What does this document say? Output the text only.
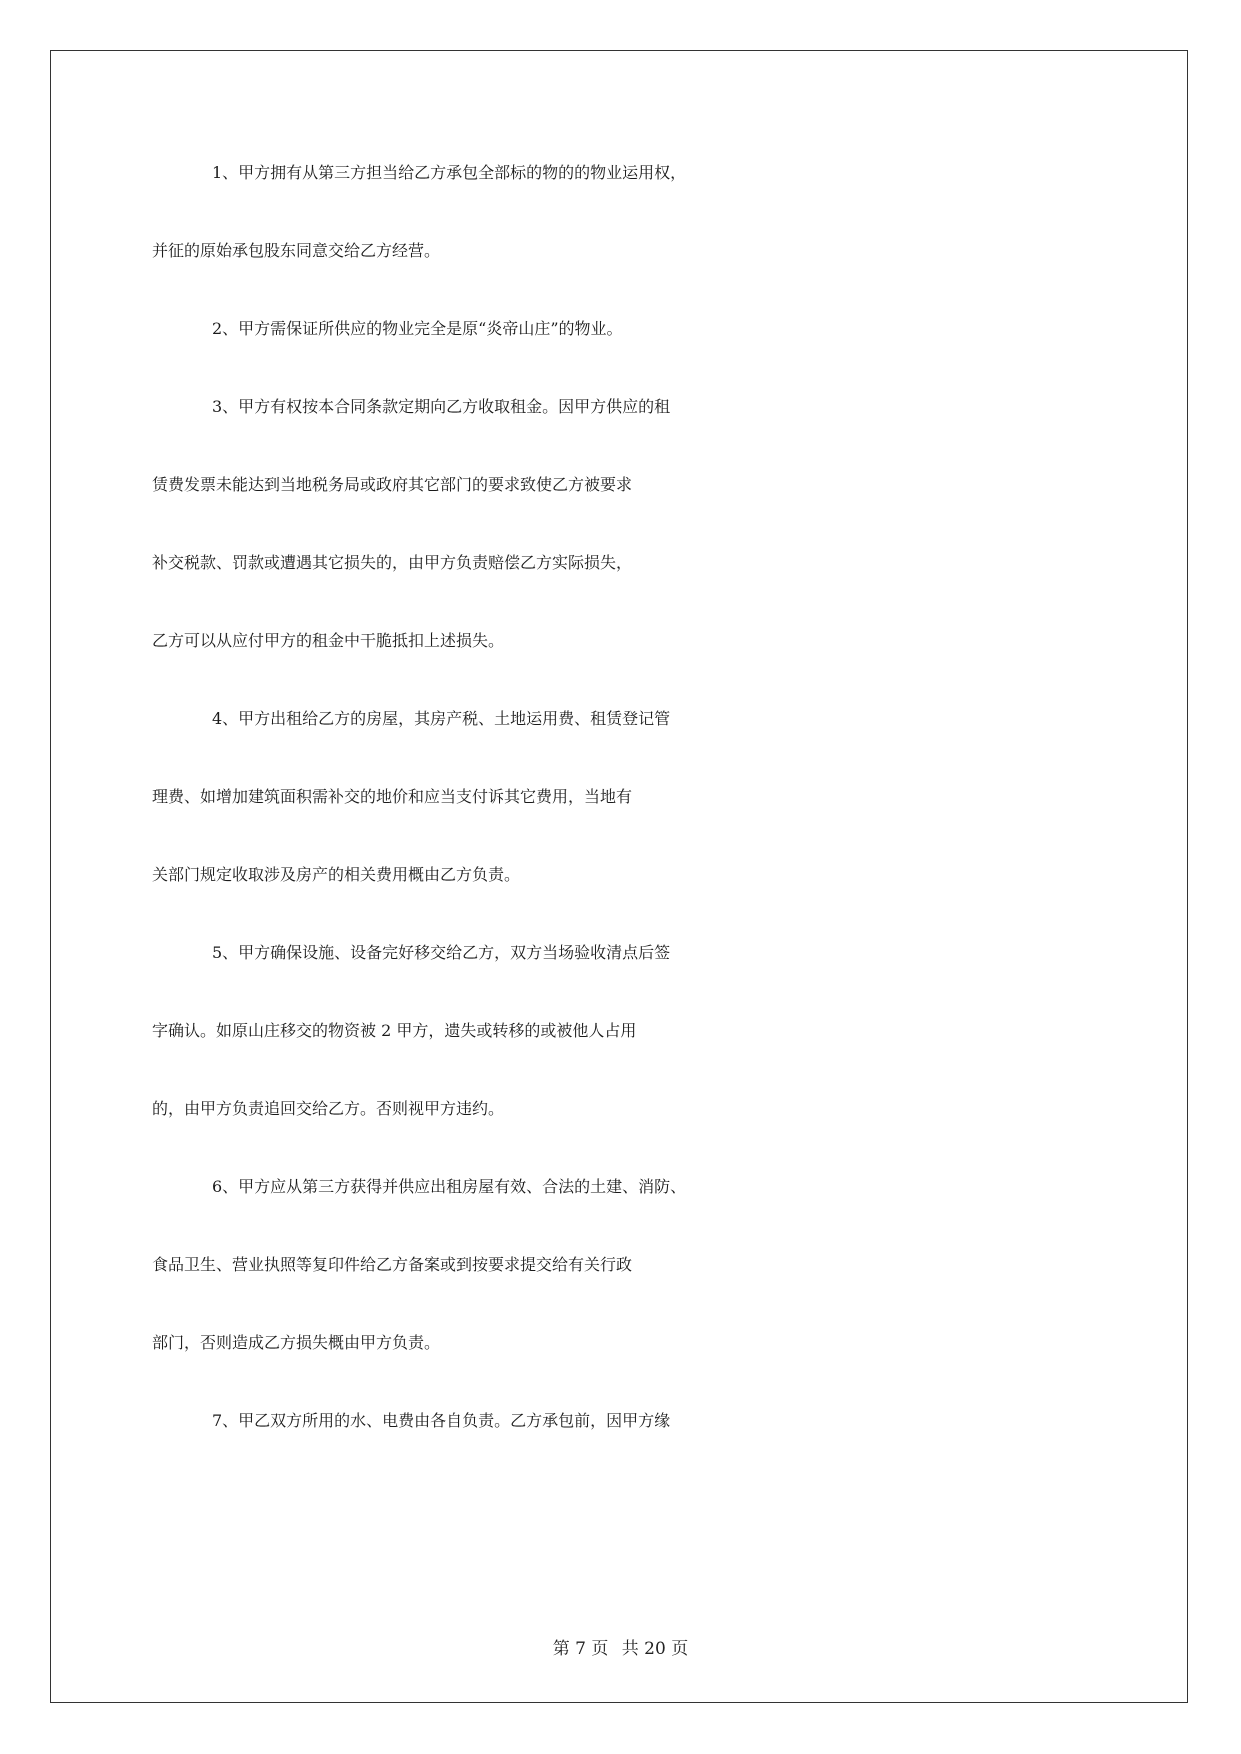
1、甲方拥有从第三方担当给乙方承包全部标的物的的物业运用权，
并征的原始承包股东同意交给乙方经营。
2、甲方需保证所供应的物业完全是原“炎帝山庄”的物业。
3、甲方有权按本合同条款定期向乙方收取租金。因甲方供应的租
赁费发票未能达到当地税务局或政府其它部门的要求致使乙方被要求
补交税款、罚款或遭遇其它损失的，由甲方负责赔偿乙方实际损失，
乙方可以从应付甲方的租金中干脆抵扣上述损失。
4、甲方出租给乙方的房屋，其房产税、土地运用费、租赁登记管
理费、如增加建筑面积需补交的地价和应当支付诉其它费用，当地有
关部门规定收取涉及房产的相关费用概由乙方负责。
5、甲方确保设施、设备完好移交给乙方，双方当场验收清点后签
字确认。如原山庄移交的物资被 2 甲方，遗失或转移的或被他人占用
的，由甲方负责追回交给乙方。否则视甲方违约。
6、甲方应从第三方获得并供应出租房屋有效、合法的土建、消防、
食品卫生、营业执照等复印件给乙方备案或到按要求提交给有关行政
部门，否则造成乙方损失概由甲方负责。
7、甲乙双方所用的水、电费由各自负责。乙方承包前，因甲方缘
第 7 页 共 20 页
